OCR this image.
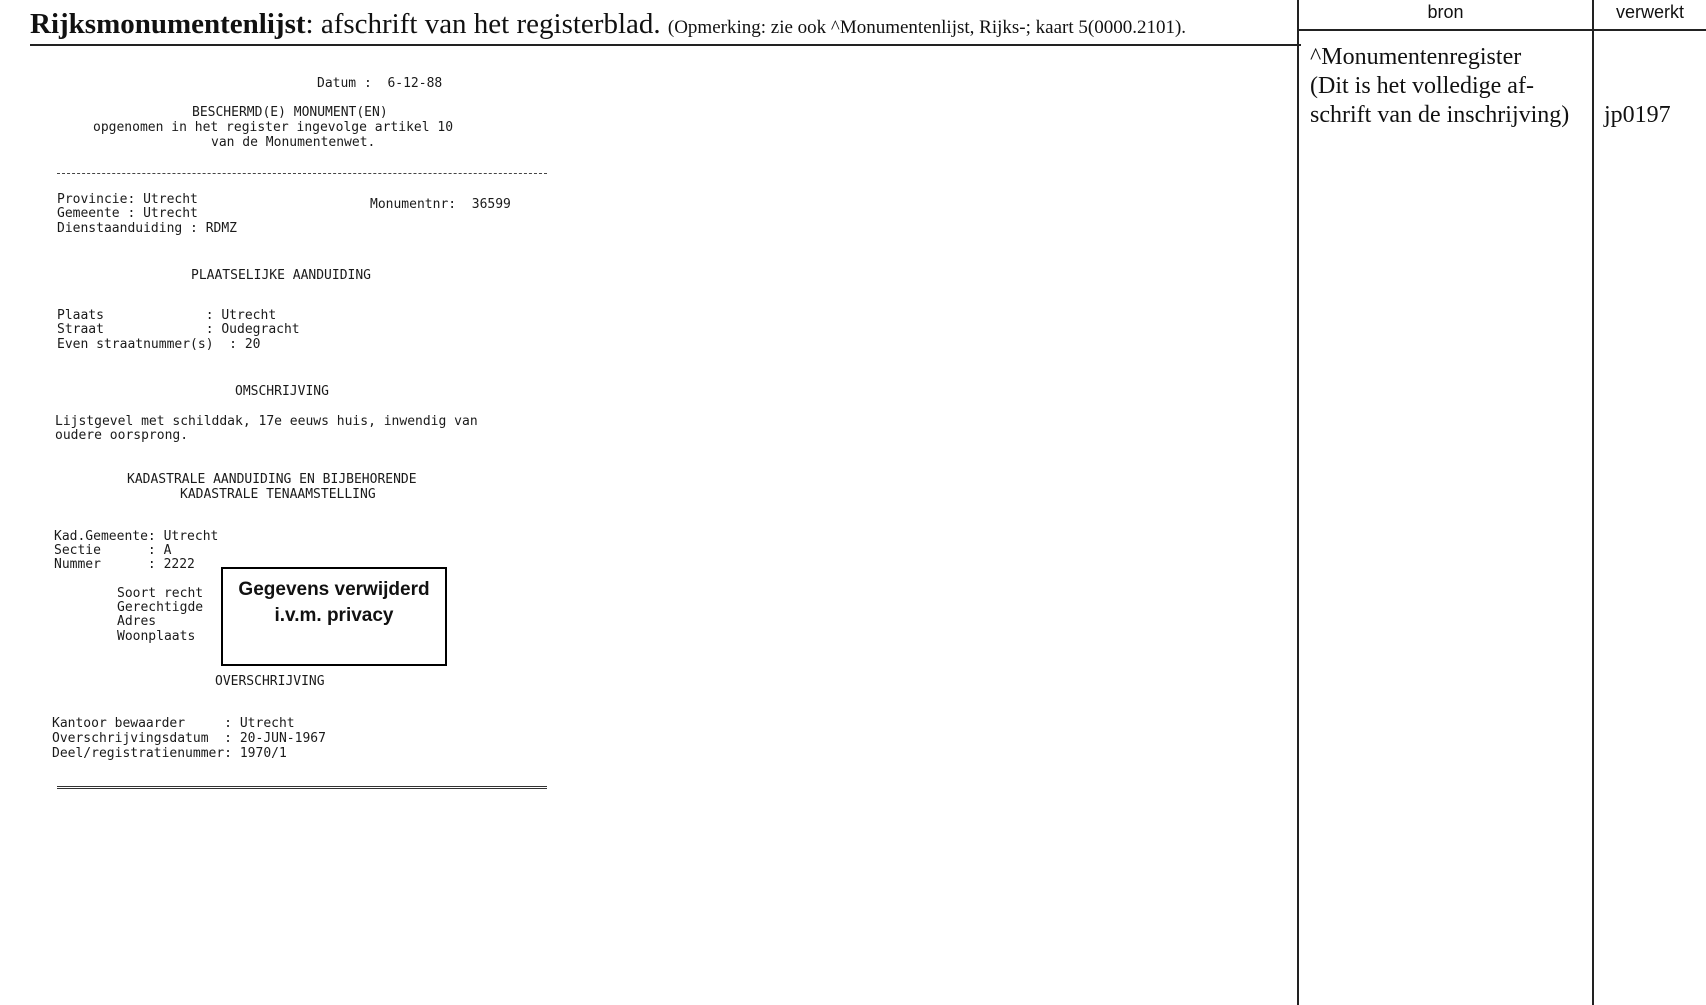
Rijksmonumentenlijst: afschrift van het registerblad. (Opmerking: zie ook ^Monumentenlijst, Rijks-; kaart 5(0000.2101).
bron	verwerkt
^Monumentenregister
(Dit is het volledige af-
schrift van de inschrijving) jp0197
Datum :  6-12-88
BESCHERMD(E) MONUMENT(EN)
opgenomen in het register ingevolge artikel 10
van de Monumentenwet.
Provincie: Utrecht
Gemeente : Utrecht
Dienstaanduiding : RDMZ
Monumentnr:  36599
PLAATSELIJKE AANDUIDING
Plaats             : Utrecht
Straat             : Oudegracht
Even straatnummer(s)  : 20
OMSCHRIJVING
Lijstgevel met schilddak, 17e eeuws huis, inwendig van
oudere oorsprong.
KADASTRALE AANDUIDING EN BIJBEHORENDE
KADASTRALE TENAAMSTELLING
Kad.Gemeente: Utrecht
Sectie      : A
Nummer      : 2222
Soort recht
Gerechtigde
Adres
Woonplaats
Gegevens verwijderd
i.v.m. privacy
OVERSCHRIJVING
Kantoor bewaarder     : Utrecht
Overschrijvingsdatum  : 20-JUN-1967
Deel/registratienummer: 1970/1
